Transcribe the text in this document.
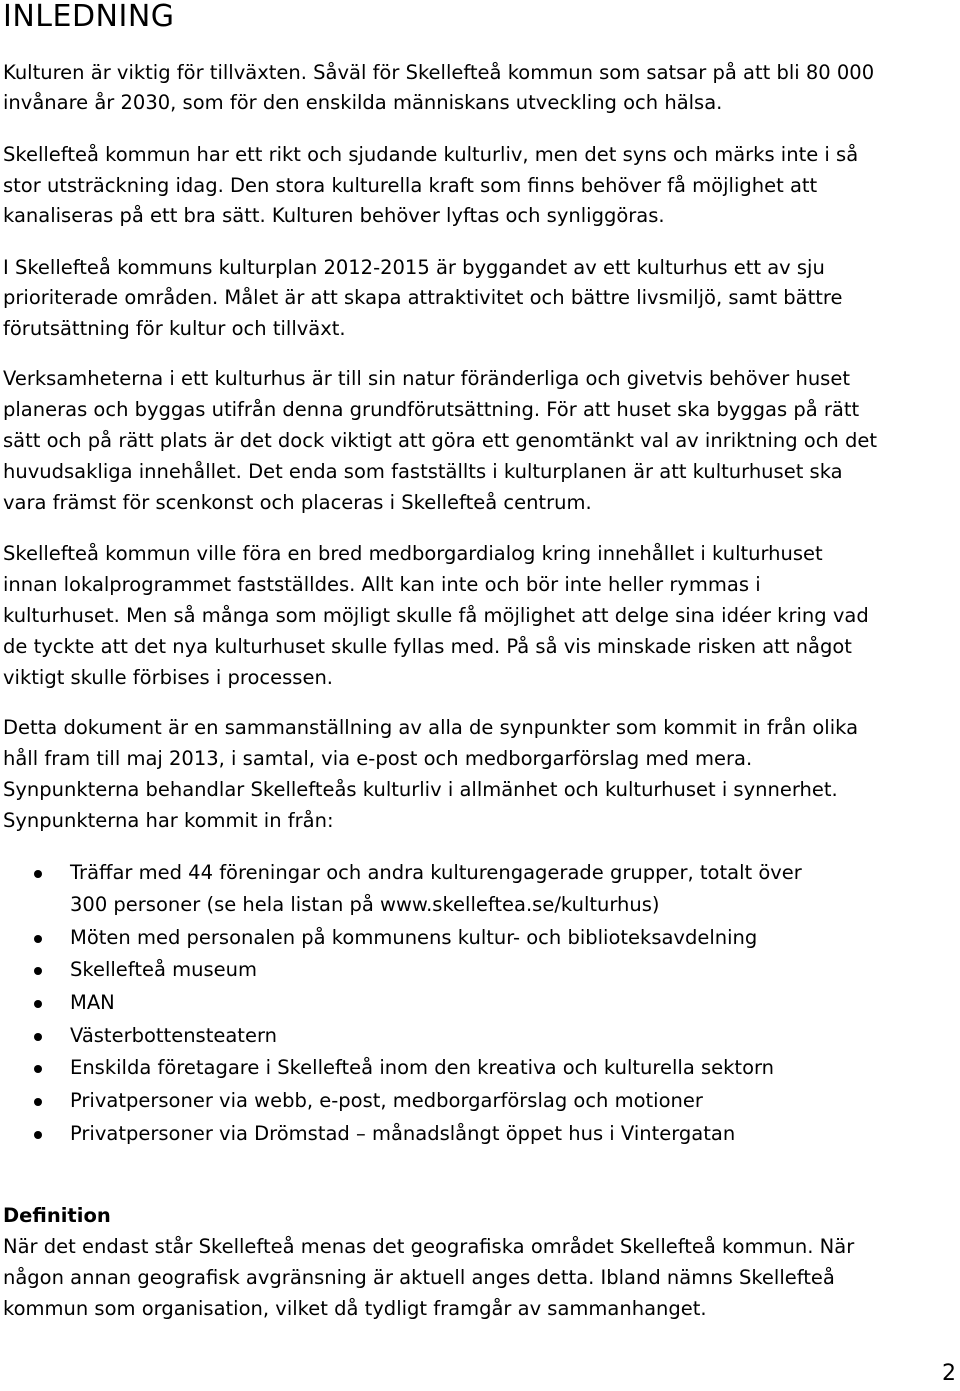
INLEDNING
Kulturen är viktig för tillväxten. Såväl för Skellefteå kommun som satsar på att bli 80 000
invånare år 2030, som för den enskilda människans utveckling och hälsa.
Skellefteå kommun har ett rikt och sjudande kulturliv, men det syns och märks inte i så
stor utsträckning idag. Den stora kulturella kraft som finns behöver få möjlighet att
kanaliseras på ett bra sätt. Kulturen behöver lyftas och synliggöras.
I Skellefteå kommuns kulturplan 2012-2015 är byggandet av ett kulturhus ett av sju
prioriterade områden. Målet är att skapa attraktivitet och bättre livsmiljö, samt bättre
förutsättning för kultur och tillväxt.
Verksamheterna i ett kulturhus är till sin natur föränderliga och givetvis behöver huset
planeras och byggas utifrån denna grundförutsättning. För att huset ska byggas på rätt
sätt och på rätt plats är det dock viktigt att göra ett genomtänkt val av inriktning och det
huvudsakliga innehållet. Det enda som fastställts i kulturplanen är att kulturhuset ska
vara främst för scenkonst och placeras i Skellefteå centrum.
Skellefteå kommun ville föra en bred medborgardialog kring innehållet i kulturhuset
innan lokalprogrammet fastställdes. Allt kan inte och bör inte heller rymmas i
kulturhuset. Men så många som möjligt skulle få möjlighet att delge sina idéer kring vad
de tyckte att det nya kulturhuset skulle fyllas med. På så vis minskade risken att något
viktigt skulle förbises i processen.
Detta dokument är en sammanställning av alla de synpunkter som kommit in från olika
håll fram till maj 2013, i samtal, via e-post och medborgarförslag med mera.
Synpunkterna behandlar Skellefteås kulturliv i allmänhet och kulturhuset i synnerhet.
Synpunkterna har kommit in från:
Träffar med 44 föreningar och andra kulturengagerade grupper, totalt över
300 personer (se hela listan på www.skelleftea.se/kulturhus)
Möten med personalen på kommunens kultur- och biblioteksavdelning
Skellefteå museum
MAN
Västerbottensteatern
Enskilda företagare i Skellefteå inom den kreativa och kulturella sektorn
Privatpersoner via webb, e-post, medborgarförslag och motioner
Privatpersoner via Drömstad – månadslångt öppet hus i Vintergatan
Definition
När det endast står Skellefteå menas det geografiska området Skellefteå kommun. När
någon annan geografisk avgränsning är aktuell anges detta. Ibland nämns Skellefteå
kommun som organisation, vilket då tydligt framgår av sammanhanget.
2
